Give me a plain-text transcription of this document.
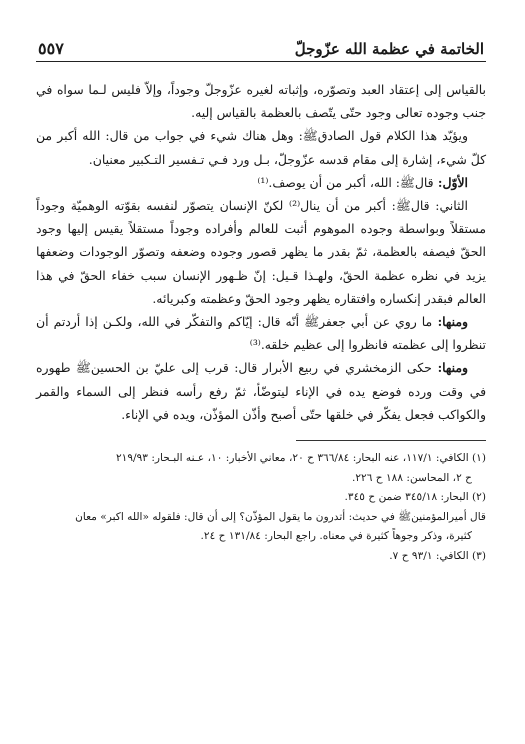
الخاتمة في عظمة الله عزّوجلّ
٥٥٧

بالقياس إلى إعتقاد العبد وتصوّره، وإثباته لغيره عزّوجلّ وجوداً، وإلاّ فليس لـما سواه في جنب وجوده تعالى وجود حتّى يتّصف بالعظمة بالقياس إليه.

ويؤيّد هذا الكلام قول الصادقﷺ: وهل هناك شيء في جواب من قال: الله أكبر من كلّ شيء، إشارة إلى مقام قدسه عزّوجلّ، بـل ورد فـي تـفسير التـكبير معنيان.

الأوّل: قالﷺ: الله، أكبر من أن يوصف.⁽¹⁾

الثاني: قالﷺ: أكبر من أن ينال⁽²⁾ لكنّ الإنسان يتصوّر لنفسه بقوّته الوهميّة وجوداً مستقلاً وبواسطة وجوده الموهوم أثبت للعالم وأفراده وجوداً مستقلاً يقيس إليها وجود الحقّ فيصفه بالعظمة، ثمّ بقدر ما يظهر قصور وجوده وضعفه وتصوّر الوجودات وضعفها يزيد في نظره عظمة الحقّ، ولهـذا قـيل: إنّ ظـهور الإنسان سبب خفاء الحقّ في هذا العالم فبقدر إنكساره وافتقاره يظهر وجود الحقّ وعظمته وكبريائه.

ومنها: ما روي عن أبي جعفرﷺ أنّه قال: إيّاكم والتفكّر في الله، ولكـن إذا أردتم أن تنظروا إلى عظمته فانظروا إلى عظيم خلقه.⁽³⁾

ومنها: حكى الزمخشري في ربيع الأبرار قال: قرب إلى عليّ بن الحسينﷺ طهوره في وقت ورده فوضع يده في الإناء ليتوضّأ، ثمّ رفع رأسه فنظر إلى السماء والقمر والكواكب فجعل يفكّر في خلقها حتّى أصبح وأذّن المؤذّن، ويده في الإناء.

(١) الكافي: ١١٧/١، عنه البحار: ٣٦٦/٨٤ ح ٢٠، معاني الأخبار: ١٠، عـنه البـحار: ٢١٩/٩٣

ح ٢، المحاسن: ١٨٨ ح ٢٢٦.

(٢) البحار: ٣٤٥/١٨ ضمن ح ٣٤٥.

قال أميرالمؤمنينﷺ في حديث: أتدرون ما يقول المؤذّن؟ إلى أن قال: فلقوله «الله اكبر» معان

كثيرة، وذكر وجوهاً كثيرة في معناه. راجع البحار: ١٣١/٨٤ ح ٢٤.

(٣) الكافي: ٩٣/١ ح ٧.
